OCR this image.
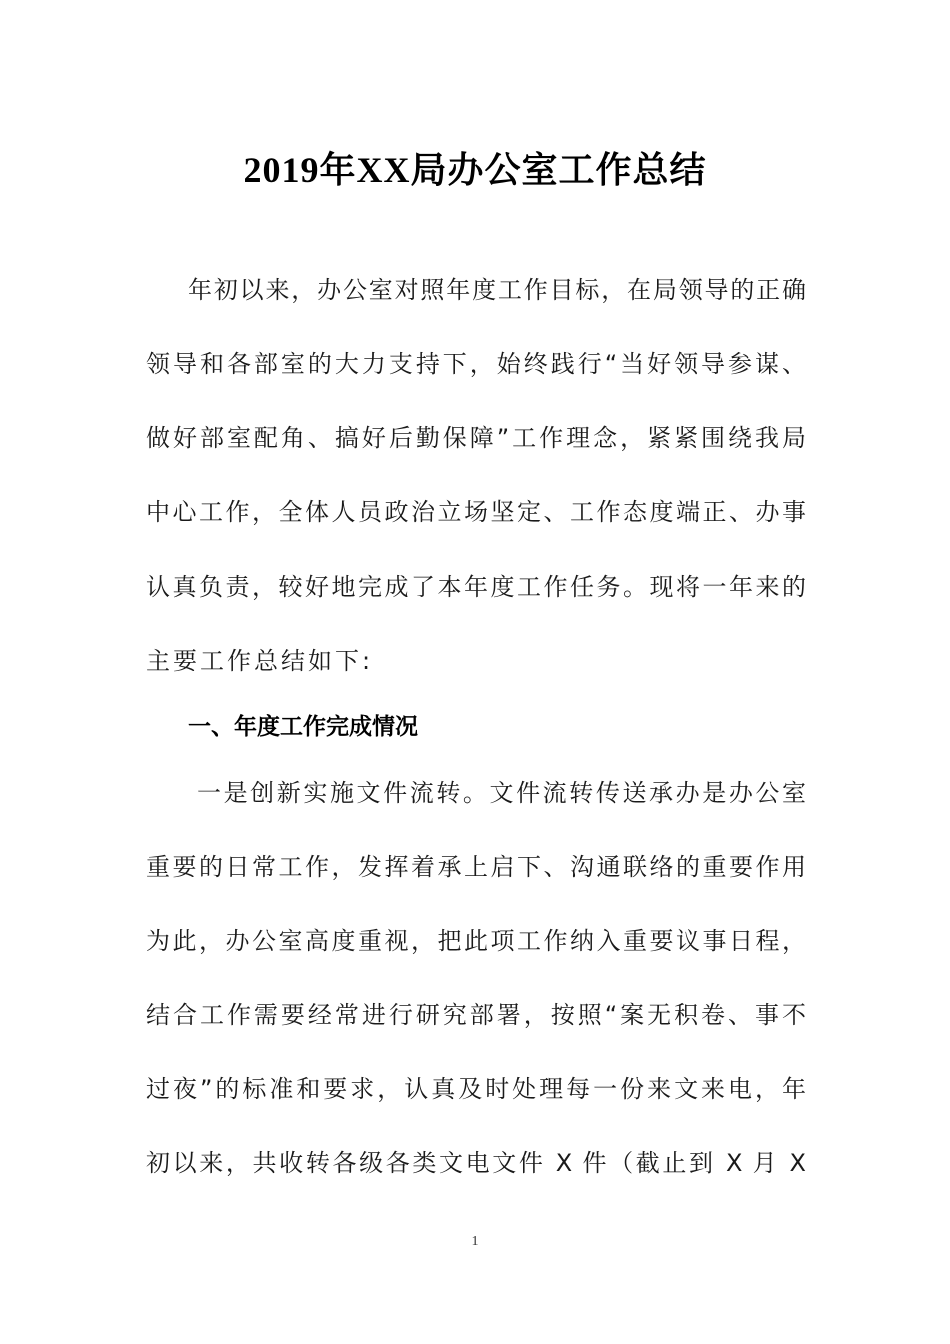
2019年XX局办公室工作总结

年初以来，办公室对照年度工作目标，在局领导的正确

领导和各部室的大力支持下，始终践行“当好领导参谋、

做好部室配角、搞好后勤保障”工作理念，紧紧围绕我局

中心工作，全体人员政治立场坚定、工作态度端正、办事

认真负责，较好地完成了本年度工作任务。现将一年来的

主要工作总结如下:

一、年度工作完成情况

一是创新实施文件流转。文件流转传送承办是办公室

重要的日常工作，发挥着承上启下、沟通联络的重要作用

为此，办公室高度重视，把此项工作纳入重要议事日程，

结合工作需要经常进行研究部署，按照“案无积卷、事不

过夜”的标准和要求，认真及时处理每一份来文来电，年

初以来，共收转各级各类文电文件 X 件（截止到 X 月 X

1
